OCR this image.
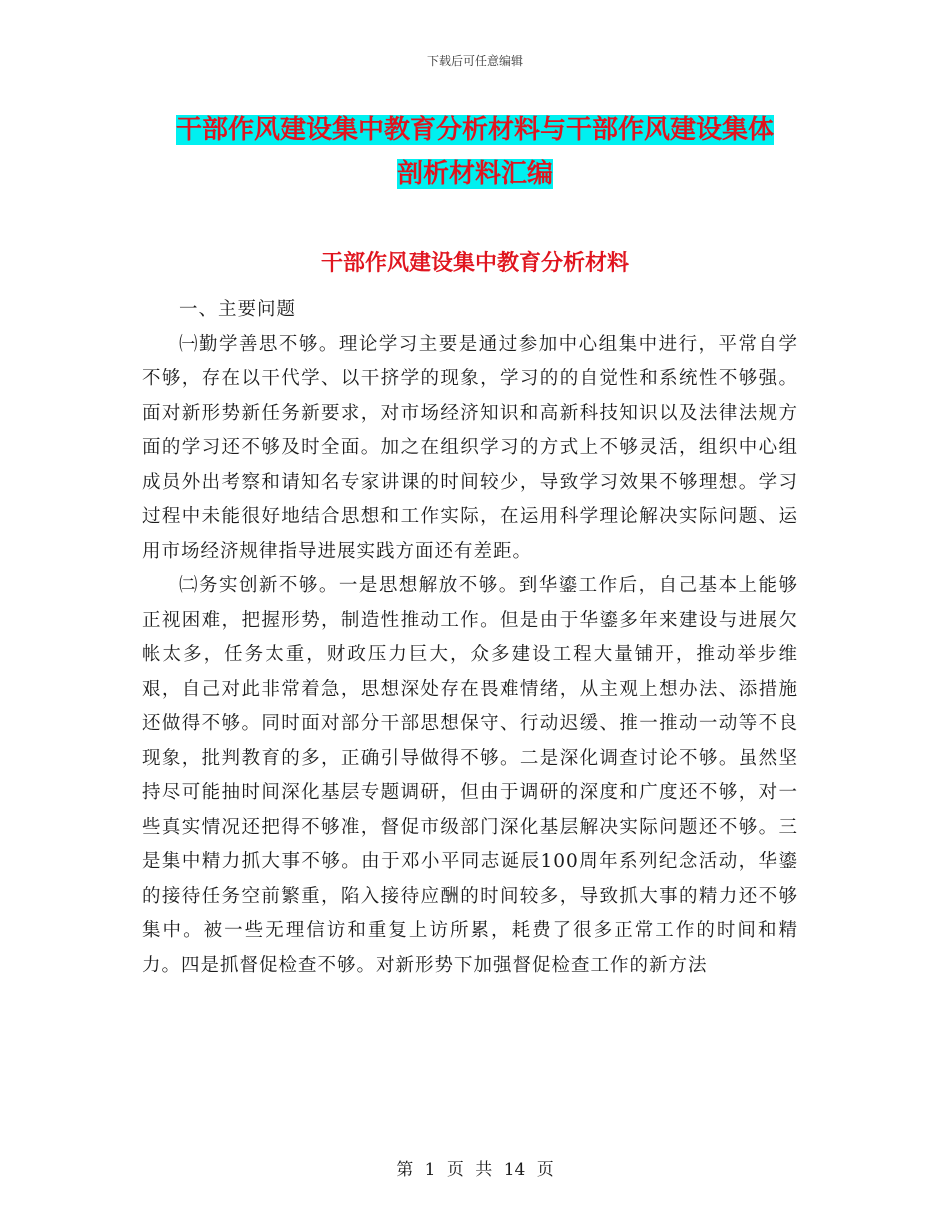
下载后可任意编辑
干部作风建设集中教育分析材料与干部作风建设集体
剖析材料汇编
干部作风建设集中教育分析材料

一、主要问题

㈠勤学善思不够。理论学习主要是通过参加中心组集中进行，平常自学不够，存在以干代学、以干挤学的现象，学习的的自觉性和系统性不够强。面对新形势新任务新要求，对市场经济知识和高新科技知识以及法律法规方面的学习还不够及时全面。加之在组织学习的方式上不够灵活，组织中心组成员外出考察和请知名专家讲课的时间较少，导致学习效果不够理想。学习过程中未能很好地结合思想和工作实际，在运用科学理论解决实际问题、运用市场经济规律指导进展实践方面还有差距。

㈡务实创新不够。一是思想解放不够。到华鎏工作后，自己基本上能够正视困难，把握形势，制造性推动工作。但是由于华鎏多年来建设与进展欠帐太多，任务太重，财政压力巨大，众多建设工程大量铺开，推动举步维艰，自己对此非常着急，思想深处存在畏难情绪，从主观上想办法、添措施还做得不够。同时面对部分干部思想保守、行动迟缓、推一推动一动等不良现象，批判教育的多，正确引导做得不够。二是深化调查讨论不够。虽然坚持尽可能抽时间深化基层专题调研，但由于调研的深度和广度还不够，对一些真实情况还把得不够准，督促市级部门深化基层解决实际问题还不够。三是集中精力抓大事不够。由于邓小平同志诞辰100周年系列纪念活动，华鎏的接待任务空前繁重，陷入接待应酬的时间较多，导致抓大事的精力还不够集中。被一些无理信访和重复上访所累，耗费了很多正常工作的时间和精力。四是抓督促检查不够。对新形势下加强督促检查工作的新方法

第 1 页 共 14 页
